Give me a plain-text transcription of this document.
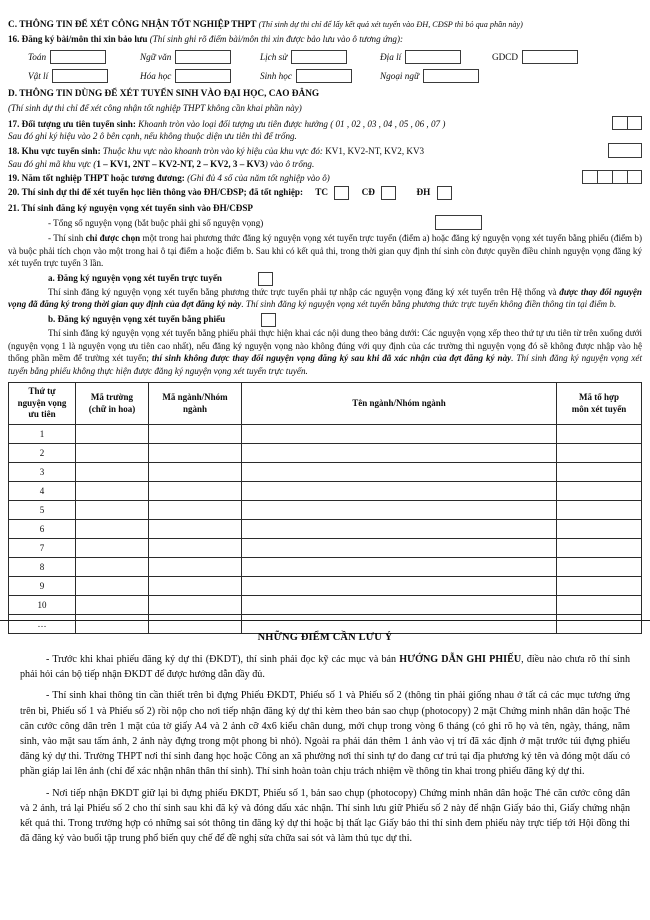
C. THÔNG TIN ĐỂ XÉT CÔNG NHẬN TỐT NGHIỆP THPT (Thí sinh dự thi chỉ để lấy kết quả xét tuyển vào ĐH, CĐSP thì bỏ qua phần này)

16. Đăng ký bài/môn thi xin bảo lưu (Thí sinh ghi rõ điểm bài/môn thi xin được bảo lưu vào ô tương ứng):

Toán	Ngữ văn	Lịch sử	Địa lí	GDCD
Vật lí	Hóa học	Sinh học	Ngoại ngữ

D. THÔNG TIN DÙNG ĐỂ XÉT TUYỂN SINH VÀO ĐẠI HỌC, CAO ĐẲNG

(Thí sinh dự thi chỉ để xét công nhận tốt nghiệp THPT không cần khai phần này)

17. Đối tượng ưu tiên tuyển sinh: Khoanh tròn vào loại đối tượng ưu tiên được hưởng ( 01 , 02 , 03 , 04 , 05 , 06 , 07 )

Sau đó ghi ký hiệu vào 2 ô bên cạnh, nếu không thuộc diện ưu tiên thì để trống.

18. Khu vực tuyển sinh: Thuộc khu vực nào khoanh tròn vào ký hiệu của khu vực đó: KV1, KV2-NT, KV2, KV3

Sau đó ghi mã khu vực (1 – KV1, 2NT – KV2-NT, 2 – KV2, 3 – KV3) vào ô trống.

19. Năm tốt nghiệp THPT hoặc tương đương: (Ghi đủ 4 số của năm tốt nghiệp vào ô)

20. Thí sinh dự thi để xét tuyển học liên thông vào ĐH/CĐSP; đã tốt nghiệp: TC	CĐ	ĐH

21. Thí sinh đăng ký nguyện vọng xét tuyển sinh vào ĐH/CĐSP

- Tổng số nguyện vọng (bắt buộc phải ghi số nguyện vọng)

- Thí sinh chỉ được chọn một trong hai phương thức đăng ký nguyện vọng xét tuyển trực tuyến (điểm a) hoặc đăng ký nguyện vọng xét tuyển bằng phiếu (điểm b) và buộc phải tích chọn vào một trong hai ô tại điểm a hoặc điểm b. Sau khi có kết quả thi, trong thời gian quy định thí sinh còn được quyền điều chỉnh nguyện vọng đăng ký xét tuyển trực tuyến 3 lần.

a. Đăng ký nguyện vọng xét tuyển trực tuyến

Thí sinh đăng ký nguyện vọng xét tuyển bằng phương thức trực tuyến phải tự nhập các nguyện vọng đăng ký xét tuyển trên Hệ thống và được thay đổi nguyện vọng đã đăng ký trong thời gian quy định của đợt đăng ký này. Thí sinh đăng ký nguyện vọng xét tuyển bằng phương thức trực tuyến không điền thông tin tại điểm b.

b. Đăng ký nguyện vọng xét tuyển bằng phiếu

Thí sinh đăng ký nguyện vọng xét tuyển bằng phiếu phải thực hiện khai các nội dung theo bảng dưới: Các nguyện vọng xếp theo thứ tự ưu tiên từ trên xuống dưới (nguyện vọng 1 là nguyện vọng ưu tiên cao nhất), nếu đăng ký nguyện vọng nào không đúng với quy định của các trường thì nguyện vọng đó sẽ không được nhập vào hệ thống phần mềm để trường xét tuyển; thí sinh không được thay đổi nguyện vọng đăng ký sau khi đã xác nhận của đợt đăng ký này. Thí sinh đăng ký nguyện vọng xét tuyển bằng phiếu không thực hiện được đăng ký nguyện vọng xét tuyển trực tuyến.

Thứ tự
nguyện vọng
ưu tiên	Mã trường
(chữ in hoa)	Mã ngành/Nhóm
ngành	Tên ngành/Nhóm ngành	Mã tổ hợp
môn xét tuyển
1				
2				
3				
4				
5				
6				
7				
8				
9				
10				
…				

NHỮNG ĐIỂM CẦN LƯU Ý

- Trước khi khai phiếu đăng ký dự thi (ĐKDT), thí sinh phải đọc kỹ các mục và bản HƯỚNG DẪN GHI PHIẾU, điều nào chưa rõ thí sinh phải hỏi cán bộ tiếp nhận ĐKDT để được hướng dẫn đầy đủ.

- Thí sinh khai thông tin cần thiết trên bì đựng Phiếu ĐKDT, Phiếu số 1 và Phiếu số 2 (thông tin phải giống nhau ở tất cả các mục tương ứng trên bì, Phiếu số 1 và Phiếu số 2) rồi nộp cho nơi tiếp nhận đăng ký dự thi kèm theo bản sao chụp (photocopy) 2 mặt Chứng minh nhân dân hoặc Thẻ căn cước công dân trên 1 mặt của tờ giấy A4 và 2 ảnh cỡ 4x6 kiểu chân dung, mới chụp trong vòng 6 tháng (có ghi rõ họ và tên, ngày, tháng, năm sinh, vào mặt sau tấm ảnh, 2 ảnh này đựng trong một phong bì nhỏ). Ngoài ra phải dán thêm 1 ảnh vào vị trí đã xác định ở mặt trước túi đựng phiếu đăng ký dự thi. Trường THPT nơi thí sinh đang học hoặc Công an xã phường nơi thí sinh tự do đang cư trú tại địa phương ký tên và đóng một dấu có phần giáp lai lên ảnh (chỉ để xác nhận nhân thân thí sinh). Thí sinh hoàn toàn chịu trách nhiệm về thông tin khai trong phiếu đăng ký dự thi.

- Nơi tiếp nhận ĐKDT giữ lại bì đựng phiếu ĐKDT, Phiếu số 1, bản sao chụp (photocopy) Chứng minh nhân dân hoặc Thẻ căn cước công dân và 2 ảnh, trả lại Phiếu số 2 cho thí sinh sau khi đã ký và đóng dấu xác nhận. Thí sinh lưu giữ Phiếu số 2 này để nhận Giấy báo thi, Giấy chứng nhận kết quả thi. Trong trường hợp có những sai sót thông tin đăng ký dự thi hoặc bị thất lạc Giấy báo thi thí sinh đem phiếu này trực tiếp tới Hội đồng thi đã đăng ký vào buổi tập trung phổ biến quy chế để đề nghị sửa chữa sai sót và làm thủ tục dự thi.
